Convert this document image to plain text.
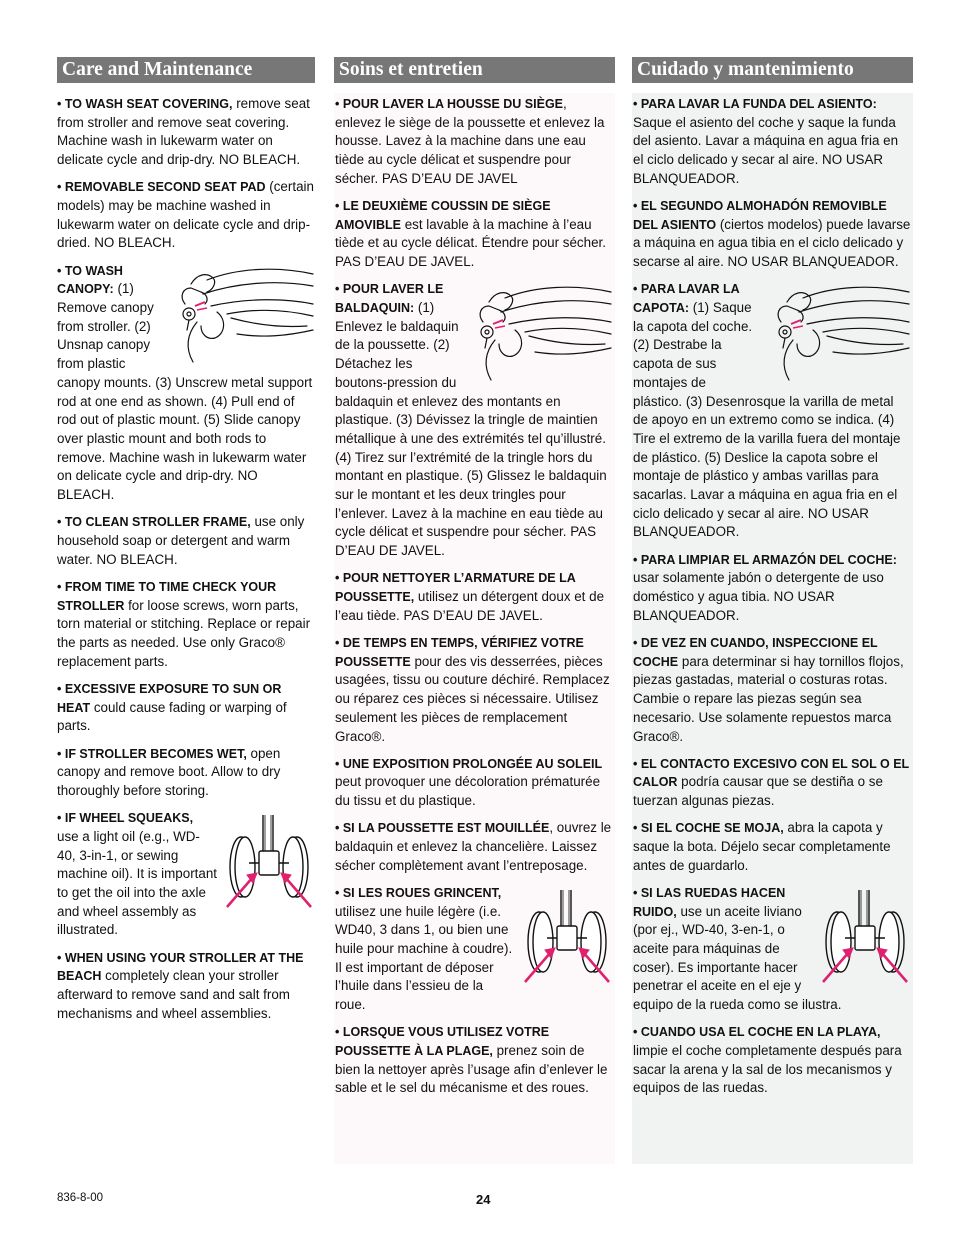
Care and Maintenance

• TO WASH SEAT COVERING, remove seat from stroller and remove seat covering. Machine wash in lukewarm water on delicate cycle and drip-dry. NO BLEACH.

• REMOVABLE SECOND SEAT PAD (certain models) may be machine washed in lukewarm water on delicate cycle and drip-dried. NO BLEACH.

• TO WASH CANOPY: (1) Remove canopy from stroller. (2) Unsnap canopy from plastic canopy mounts. (3) Unscrew metal support rod at one end as shown. (4) Pull end of rod out of plastic mount. (5) Slide canopy over plastic mount and both rods to remove. Machine wash in lukewarm water on delicate cycle and drip-dry. NO BLEACH.

• TO CLEAN STROLLER FRAME, use only household soap or detergent and warm water. NO BLEACH.

• FROM TIME TO TIME CHECK YOUR STROLLER for loose screws, worn parts, torn material or stitching. Replace or repair the parts as needed. Use only Graco® replacement parts.

• EXCESSIVE EXPOSURE TO SUN OR HEAT could cause fading or warping of parts.

• IF STROLLER BECOMES WET, open canopy and remove boot. Allow to dry thoroughly before storing.

• IF WHEEL SQUEAKS, use a light oil (e.g., WD-40, 3-in-1, or sewing machine oil). It is important to get the oil into the axle and wheel assembly as illustrated.

• WHEN USING YOUR STROLLER AT THE BEACH completely clean your stroller afterward to remove sand and salt from mechanisms and wheel assemblies.

Soins et entretien

• POUR LAVER LA HOUSSE DU SIÈGE, enlevez le siège de la poussette et enlevez la housse. Lavez à la machine dans une eau tiède au cycle délicat et suspendre pour sécher. PAS D’EAU DE JAVEL

• LE DEUXIÈME COUSSIN DE SIÈGE AMOVIBLE est lavable à la machine à l’eau tiède et au cycle délicat. Étendre pour sécher. PAS D’EAU DE JAVEL.

• POUR LAVER LE BALDAQUIN: (1) Enlevez le baldaquin de la poussette. (2) Détachez les boutons-pression du baldaquin et enlevez des montants en plastique. (3) Dévissez la tringle de maintien métallique à une des extrémités tel qu’illustré. (4) Tirez sur l’extrémité de la tringle hors du montant en plastique. (5) Glissez le baldaquin sur le montant et les deux tringles pour l’enlever. Lavez à la machine en eau tiède au cycle délicat et suspendre pour sécher. PAS D’EAU DE JAVEL.

• POUR NETTOYER L’ARMATURE DE LA POUSSETTE, utilisez un détergent doux et de l’eau tiède. PAS D’EAU DE JAVEL.

• DE TEMPS EN TEMPS, VÉRIFIEZ VOTRE POUSSETTE pour des vis desserrées, pièces usagées, tissu ou couture déchiré. Remplacez ou réparez ces pièces si nécessaire. Utilisez seulement les pièces de remplacement Graco®.

• UNE EXPOSITION PROLONGÉE AU SOLEIL peut provoquer une décoloration prématurée du tissu et du plastique.

• SI LA POUSSETTE EST MOUILLÉE, ouvrez le baldaquin et enlevez la chancelière. Laissez sécher complètement avant l’entreposage.

• SI LES ROUES GRINCENT, utilisez une huile légère (i.e. WD40, 3 dans 1, ou bien une huile pour machine à coudre). Il est important de déposer l’huile dans l’essieu de la roue.

• LORSQUE VOUS UTILISEZ VOTRE POUSSETTE À LA PLAGE, prenez soin de bien la nettoyer après l’usage afin d’enlever le sable et le sel du mécanisme et des roues.

Cuidado y mantenimiento

• PARA LAVAR LA FUNDA DEL ASIENTO: Saque el asiento del coche y saque la funda del asiento. Lavar a máquina en agua fria en el ciclo delicado y secar al aire. NO USAR BLANQUEADOR.

• EL SEGUNDO ALMOHADÓN REMOVIBLE DEL ASIENTO (ciertos modelos) puede lavarse a máquina en agua tibia en el ciclo delicado y secarse al aire. NO USAR BLANQUEADOR.

• PARA LAVAR LA CAPOTA: (1) Saque la capota del coche. (2) Destrabe la capota de sus montajes de plástico. (3) Desenrosque la varilla de metal de apoyo en un extremo como se indica. (4) Tire el extremo de la varilla fuera del montaje de plástico. (5) Deslice la capota sobre el montaje de plástico y ambas varillas para sacarlas. Lavar a máquina en agua fria en el ciclo delicado y secar al aire. NO USAR BLANQUEADOR.

• PARA LIMPIAR EL ARMAZÓN DEL COCHE: usar solamente jabón o detergente de uso doméstico y agua tibia. NO USAR BLANQUEADOR.

• DE VEZ EN CUANDO, INSPECCIONE EL COCHE para determinar si hay tornillos flojos, piezas gastadas, material o costuras rotas. Cambie o repare las piezas según sea necesario. Use solamente repuestos marca Graco®.

• EL CONTACTO EXCESIVO CON EL SOL O EL CALOR podría causar que se destiña o se tuerzan algunas piezas.

• SI EL COCHE SE MOJA, abra la capota y saque la bota. Déjelo secar completamente antes de guardarlo.

• SI LAS RUEDAS HACEN RUIDO, use un aceite liviano (por ej., WD-40, 3-en-1, o aceite para máquinas de coser). Es importante hacer penetrar el aceite en el eje y equipo de la rueda como se ilustra.

• CUANDO USA EL COCHE EN LA PLAYA, limpie el coche completamente después para sacar la arena y la sal de los mecanismos y equipos de las ruedas.

836-8-00	24
